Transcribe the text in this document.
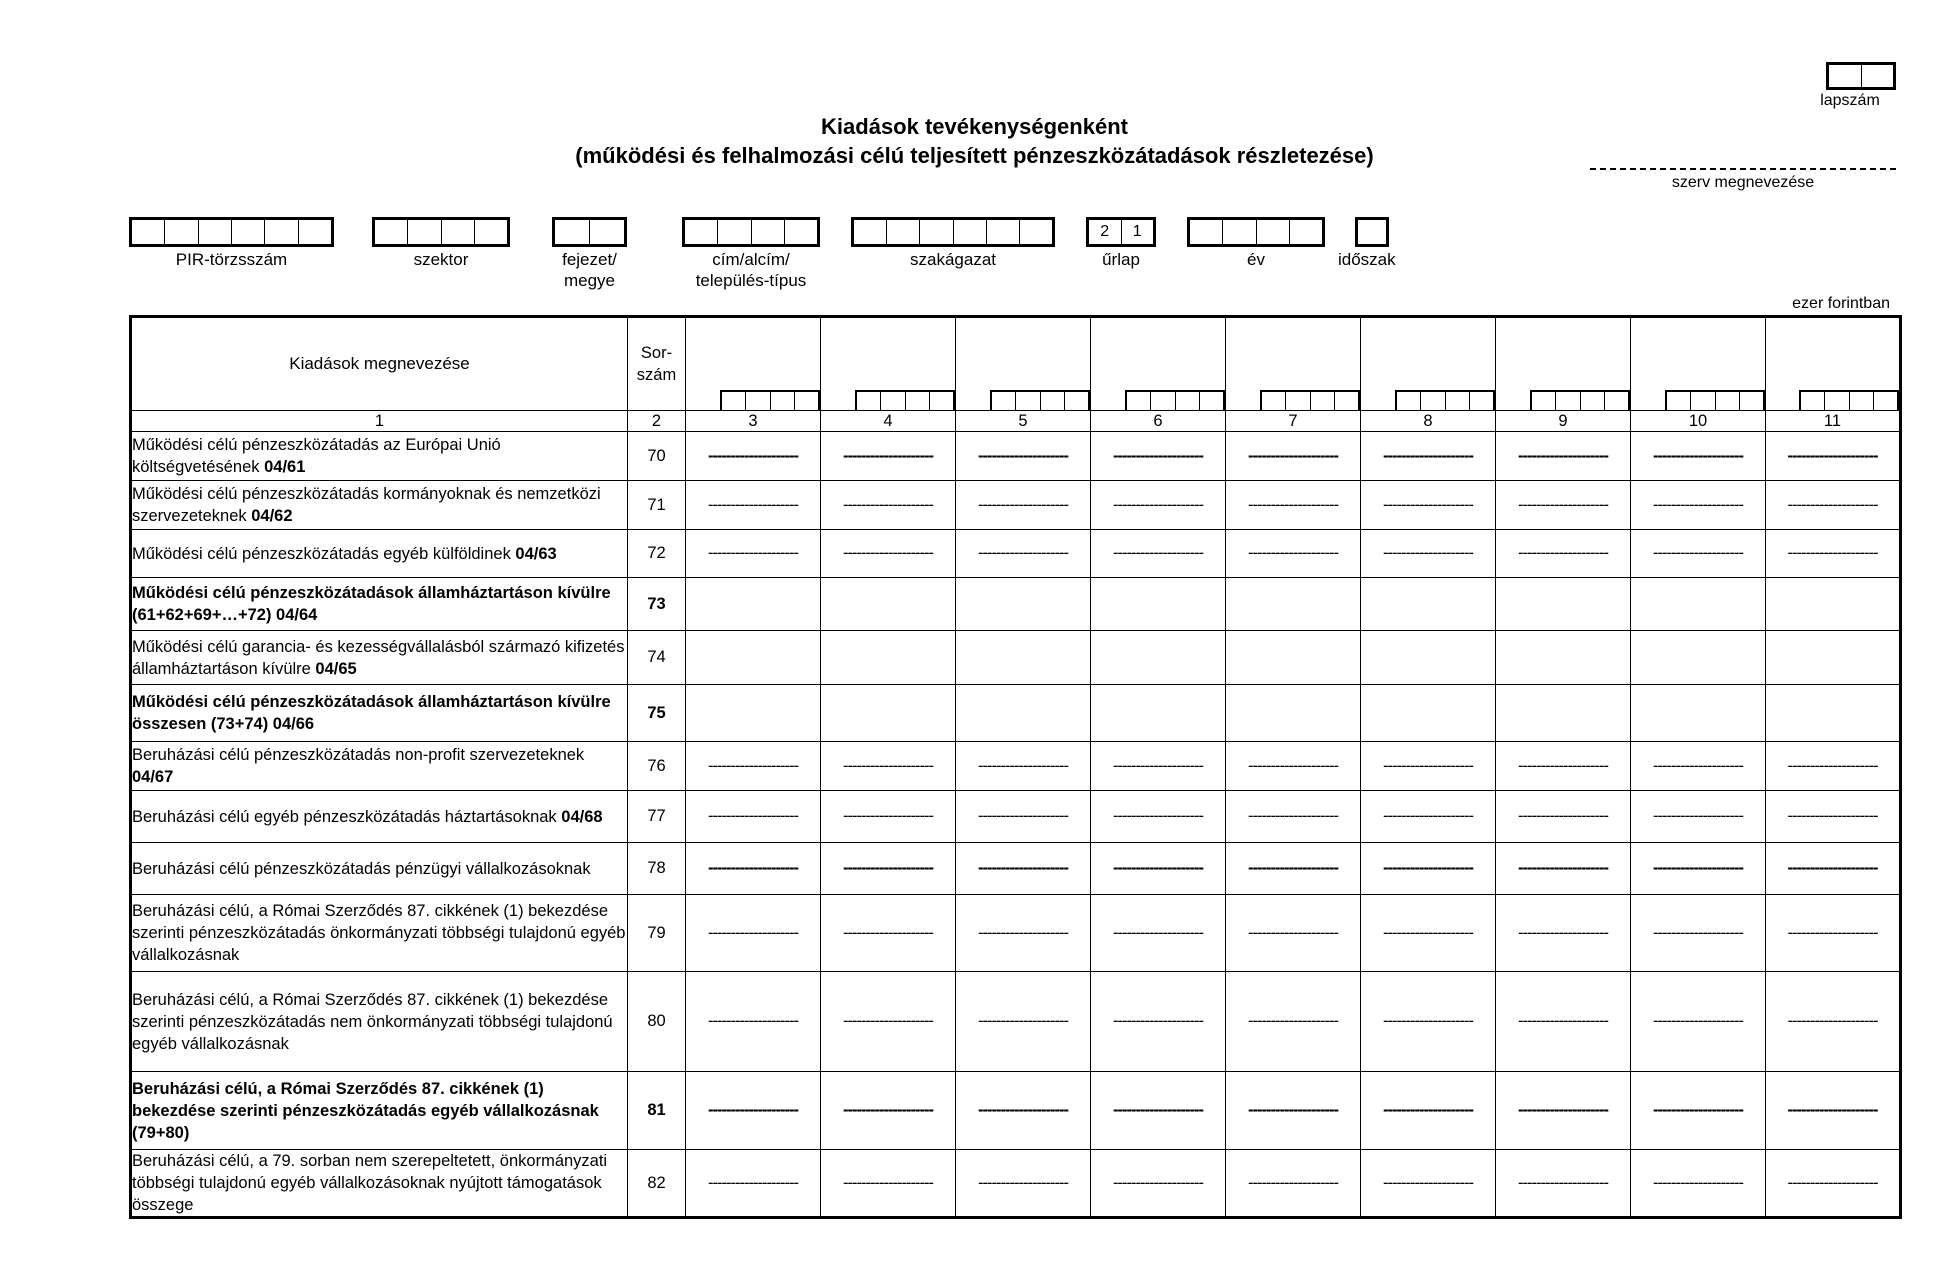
lapszám
Kiadások tevékenységenként
(működési és felhalmozási célú teljesített pénzeszközátadások részletezése)
szerv megnevezése
PIR-törzsszám	szektor	fejezet/ megye
cím/alcím/ település-típus
szakágazat
2	1
űrlap	év	időszak
ezer forintban
Kiadások megnevezése	Sor- szám	

1	2	3	4	5	6	7	8	9	10	11
Működési célú pénzeszközátadás az Európai Unió költségvetésének 04/61	70	--------------------	--------------------	--------------------	--------------------	--------------------	--------------------	--------------------	--------------------	--------------------
Működési célú pénzeszközátadás kormányoknak és nemzetközi szervezeteknek 04/62	71	--------------------	--------------------	--------------------	--------------------	--------------------	--------------------	--------------------	--------------------	--------------------
Működési célú pénzeszközátadás egyéb külföldinek 04/63	72	--------------------	--------------------	--------------------	--------------------	--------------------	--------------------	--------------------	--------------------	--------------------
Működési célú pénzeszközátadások államháztartáson kívülre (61+62+69+…+72) 04/64	73									
Működési célú garancia- és kezességvállalásból származó kifizetés államháztartáson kívülre 04/65	74									
Működési célú pénzeszközátadások államháztartáson kívülre összesen (73+74) 04/66	75									
Beruházási célú pénzeszközátadás non-profit szervezeteknek 04/67	76	--------------------	--------------------	--------------------	--------------------	--------------------	--------------------	--------------------	--------------------	--------------------
Beruházási célú egyéb pénzeszközátadás háztartásoknak 04/68	77	--------------------	--------------------	--------------------	--------------------	--------------------	--------------------	--------------------	--------------------	--------------------
Beruházási célú pénzeszközátadás pénzügyi vállalkozásoknak	78	--------------------	--------------------	--------------------	--------------------	--------------------	--------------------	--------------------	--------------------	--------------------
Beruházási célú, a Római Szerződés 87. cikkének (1) bekezdése szerinti pénzeszközátadás önkormányzati többségi tulajdonú egyéb vállalkozásnak	79	--------------------	--------------------	--------------------	--------------------	--------------------	--------------------	--------------------	--------------------	--------------------
Beruházási célú, a Római Szerződés 87. cikkének (1) bekezdése szerinti pénzeszközátadás nem önkormányzati többségi tulajdonú egyéb vállalkozásnak	80	--------------------	--------------------	--------------------	--------------------	--------------------	--------------------	--------------------	--------------------	--------------------
Beruházási célú, a Római Szerződés 87. cikkének (1) bekezdése szerinti pénzeszközátadás egyéb vállalkozásnak (79+80)	81	--------------------	--------------------	--------------------	--------------------	--------------------	--------------------	--------------------	--------------------	--------------------
Beruházási célú, a 79. sorban nem szerepeltetett, önkormányzati többségi tulajdonú egyéb vállalkozásoknak nyújtott támogatások összege	82	--------------------	--------------------	--------------------	--------------------	--------------------	--------------------	--------------------	--------------------	--------------------
